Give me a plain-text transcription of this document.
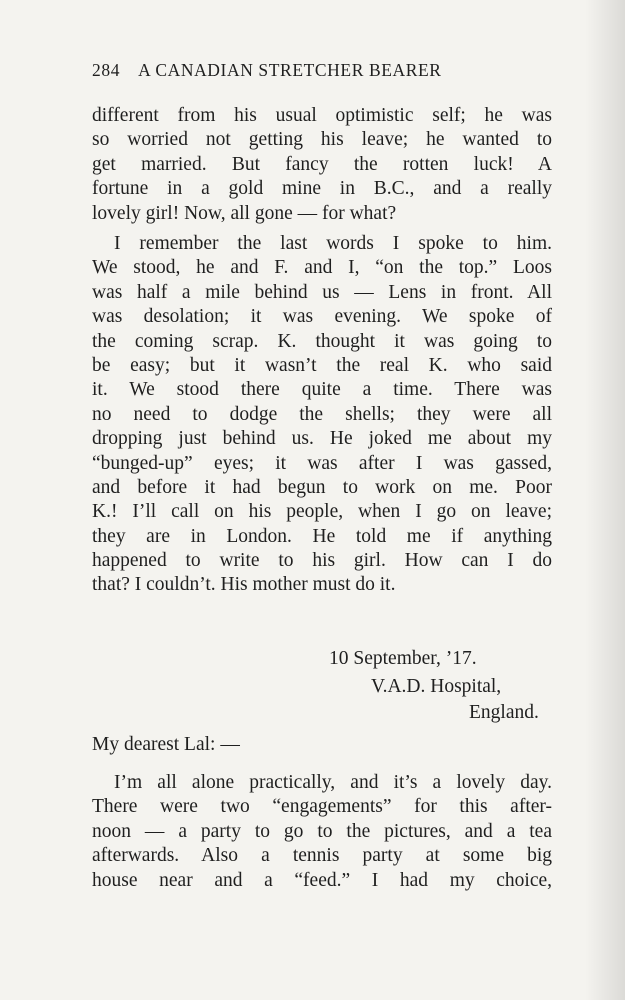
284 A CANADIAN STRETCHER BEARER
different from his usual optimistic self; he was
so worried not getting his leave; he wanted to
get married. But fancy the rotten luck! A
fortune in a gold mine in B.C., and a really
lovely girl! Now, all gone — for what?
I remember the last words I spoke to him.
We stood, he and F. and I, “on the top.” Loos
was half a mile behind us — Lens in front. All
was desolation; it was evening. We spoke of
the coming scrap. K. thought it was going to
be easy; but it wasn’t the real K. who said
it. We stood there quite a time. There was
no need to dodge the shells; they were all
dropping just behind us. He joked me about my
“bunged-up” eyes; it was after I was gassed,
and before it had begun to work on me. Poor
K.! I’ll call on his people, when I go on leave;
they are in London. He told me if anything
happened to write to his girl. How can I do
that? I couldn’t. His mother must do it.
10 September, ’17.
V.A.D. Hospital,
England.
My dearest Lal: —
I’m all alone practically, and it’s a lovely day.
There were two “engagements” for this after-
noon — a party to go to the pictures, and a tea
afterwards. Also a tennis party at some big
house near and a “feed.” I had my choice,
